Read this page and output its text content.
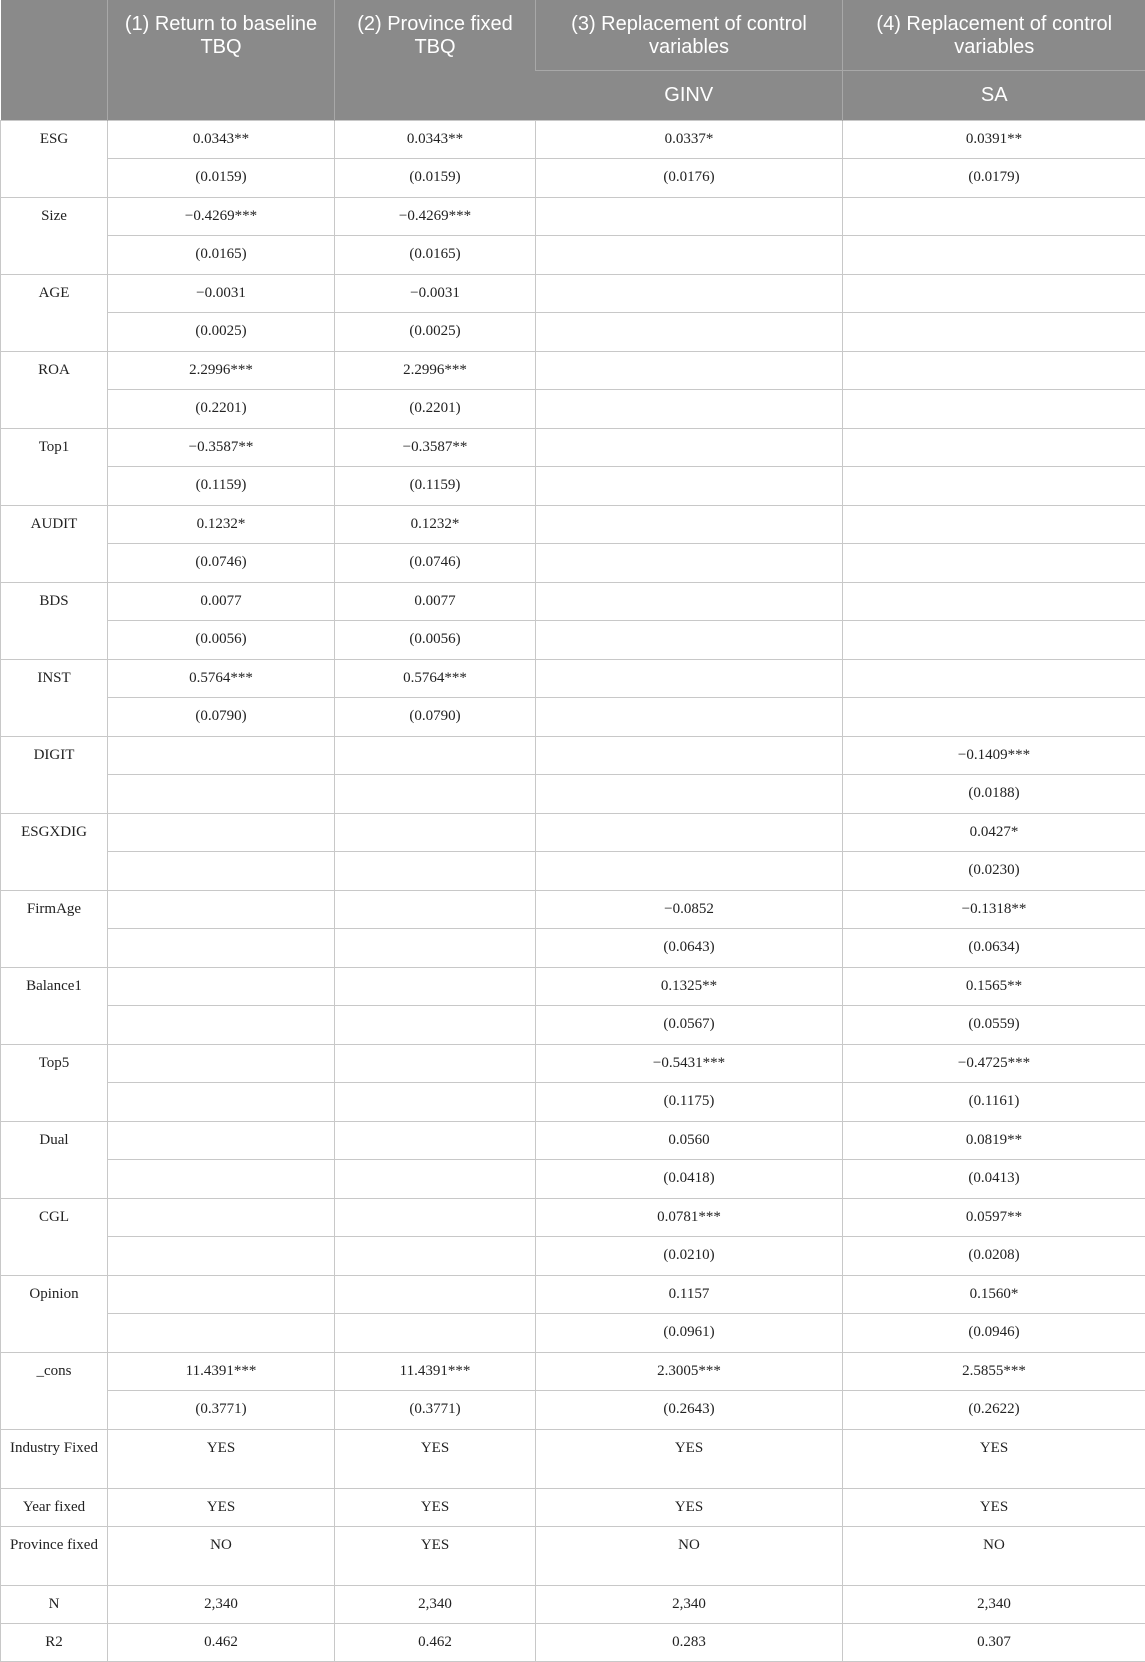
	(1) Return to baseline TBQ	(2) Province fixed TBQ	(3) Replacement of control variables	(4) Replacement of control variables
			GINV	SA
ESG	0.0343**	0.0343**	0.0337*	0.0391**
	(0.0159)	(0.0159)	(0.0176)	(0.0179)
Size	−0.4269***	−0.4269***		
	(0.0165)	(0.0165)		
AGE	−0.0031	−0.0031		
	(0.0025)	(0.0025)		
ROA	2.2996***	2.2996***		
	(0.2201)	(0.2201)		
Top1	−0.3587**	−0.3587**		
	(0.1159)	(0.1159)		
AUDIT	0.1232*	0.1232*		
	(0.0746)	(0.0746)		
BDS	0.0077	0.0077		
	(0.0056)	(0.0056)		
INST	0.5764***	0.5764***		
	(0.0790)	(0.0790)		
DIGIT				−0.1409***
				(0.0188)
ESGXDIG				0.0427*
				(0.0230)
FirmAge			−0.0852	−0.1318**
			(0.0643)	(0.0634)
Balance1			0.1325**	0.1565**
			(0.0567)	(0.0559)
Top5			−0.5431***	−0.4725***
			(0.1175)	(0.1161)
Dual			0.0560	0.0819**
			(0.0418)	(0.0413)
CGL			0.0781***	0.0597**
			(0.0210)	(0.0208)
Opinion			0.1157	0.1560*
			(0.0961)	(0.0946)
_cons	11.4391***	11.4391***	2.3005***	2.5855***
	(0.3771)	(0.3771)	(0.2643)	(0.2622)
Industry Fixed	YES	YES	YES	YES
Year fixed	YES	YES	YES	YES
Province fixed	NO	YES	NO	NO
N	2,340	2,340	2,340	2,340
R2	0.462	0.462	0.283	0.307
